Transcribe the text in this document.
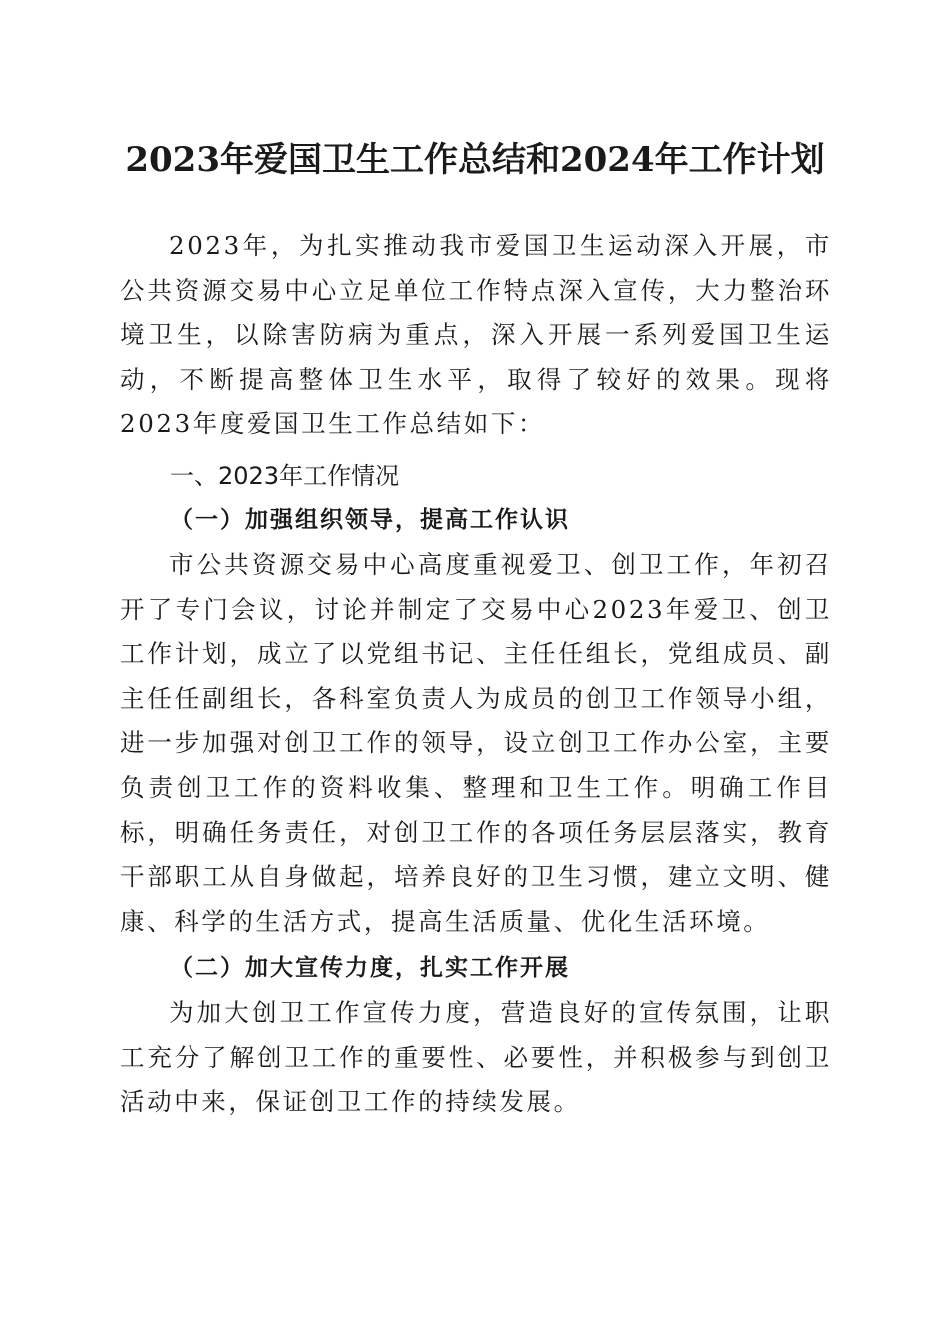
2023年爱国卫生工作总结和2024年工作计划

2023年，为扎实推动我市爱国卫生运动深入开展，市公共资源交易中心立足单位工作特点深入宣传，大力整治环境卫生，以除害防病为重点，深入开展一系列爱国卫生运动，不断提高整体卫生水平，取得了较好的效果。现将2023年度爱国卫生工作总结如下：

一、2023年工作情况
（一）加强组织领导，提高工作认识

市公共资源交易中心高度重视爱卫、创卫工作，年初召开了专门会议，讨论并制定了交易中心2023年爱卫、创卫工作计划，成立了以党组书记、主任任组长，党组成员、副主任任副组长，各科室负责人为成员的创卫工作领导小组，进一步加强对创卫工作的领导，设立创卫工作办公室，主要负责创卫工作的资料收集、整理和卫生工作。明确工作目标，明确任务责任，对创卫工作的各项任务层层落实，教育干部职工从自身做起，培养良好的卫生习惯，建立文明、健康、科学的生活方式，提高生活质量、优化生活环境。

（二）加大宣传力度，扎实工作开展

为加大创卫工作宣传力度，营造良好的宣传氛围，让职工充分了解创卫工作的重要性、必要性，并积极参与到创卫活动中来，保证创卫工作的持续发展。
